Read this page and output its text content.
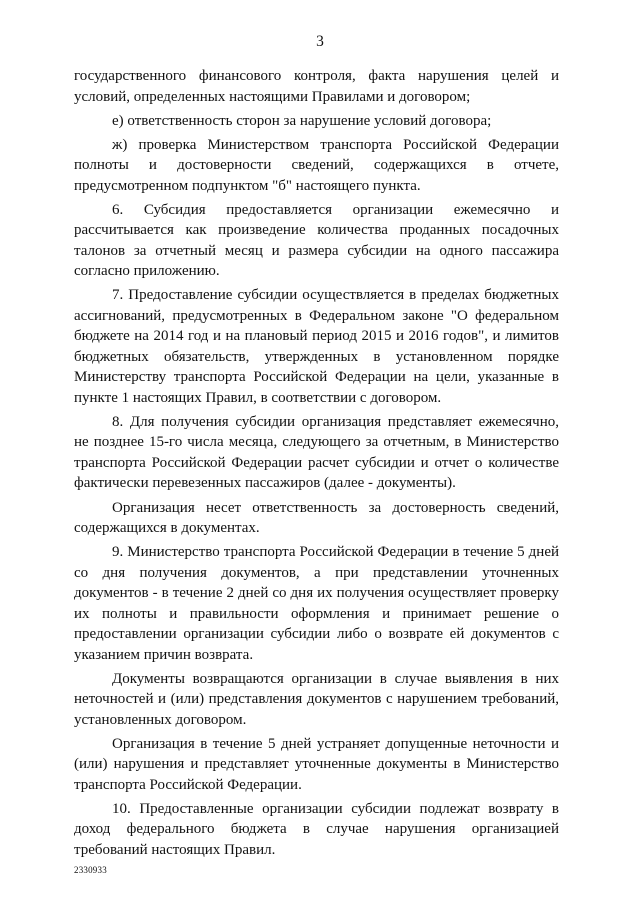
3

государственного финансового контроля, факта нарушения целей и условий, определенных настоящими Правилами и договором;

е) ответственность сторон за нарушение условий договора;

ж) проверка Министерством транспорта Российской Федерации полноты и достоверности сведений, содержащихся в отчете, предусмотренном подпунктом "б" настоящего пункта.

6. Субсидия предоставляется организации ежемесячно и рассчитывается как произведение количества проданных посадочных талонов за отчетный месяц и размера субсидии на одного пассажира согласно приложению.

7. Предоставление субсидии осуществляется в пределах бюджетных ассигнований, предусмотренных в Федеральном законе "О федеральном бюджете на 2014 год и на плановый период 2015 и 2016 годов", и лимитов бюджетных обязательств, утвержденных в установленном порядке Министерству транспорта Российской Федерации на цели, указанные в пункте 1 настоящих Правил, в соответствии с договором.

8. Для получения субсидии организация представляет ежемесячно, не позднее 15-го числа месяца, следующего за отчетным, в Министерство транспорта Российской Федерации расчет субсидии и отчет о количестве фактически перевезенных пассажиров (далее - документы).

Организация несет ответственность за достоверность сведений, содержащихся в документах.

9. Министерство транспорта Российской Федерации в течение 5 дней со дня получения документов, а при представлении уточненных документов - в течение 2 дней со дня их получения осуществляет проверку их полноты и правильности оформления и принимает решение о предоставлении организации субсидии либо о возврате ей документов с указанием причин возврата.

Документы возвращаются организации в случае выявления в них неточностей и (или) представления документов с нарушением требований, установленных договором.

Организация в течение 5 дней устраняет допущенные неточности и (или) нарушения и представляет уточненные документы в Министерство транспорта Российской Федерации.

10. Предоставленные организации субсидии подлежат возврату в доход федерального бюджета в случае нарушения организацией требований настоящих Правил.

2330933
